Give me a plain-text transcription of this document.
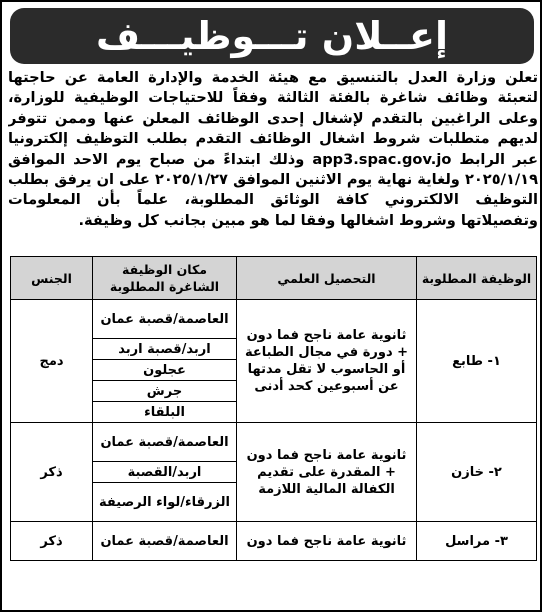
إعــلان تـــوظيـــف

تعلن وزارة العدل بالتنسيق مع هيئة الخدمة والإدارة العامة عن حاجتها لتعبئة وظائف شاغرة بالفئة الثالثة وفقاً للاحتياجات الوظيفية للوزارة، وعلى الراغبين بالتقدم لإشغال إحدى الوظائف المعلن عنها وممن تتوفر لديهم متطلبات شروط اشغال الوظائف التقدم بطلب التوظيف إلكترونيا عبر الرابط app3.spac.gov.jo وذلك ابتداءً من صباح يوم الاحد الموافق ٢٠٢٥/١/١٩ ولغاية نهاية يوم الاثنين الموافق ٢٠٢٥/١/٢٧ على ان يرفق بطلب التوظيف الالكتروني كافة الوثائق المطلوبة، علماً بأن المعلومات وتفصيلاتها وشروط اشغالها وفقا لما هو مبين بجانب كل وظيفة.

الوظيفة المطلوبة	التحصيل العلمي	مكان الوظيفة الشاغرة المطلوبة	الجنس
١- طابع	ثانوية عامة ناجح فما دون + دورة في مجال الطباعة أو الحاسوب لا تقل مدتها عن أسبوعين كحد أدنى	العاصمة/قصبة عمان	دمج
		اربد/قصبة اربد	
		عجلون	
		جرش	
		البلقاء	
٢- خازن	ثانوية عامة ناجح فما دون + المقدرة على تقديم الكفالة المالية اللازمة	العاصمة/قصبة عمان	ذكر
		اربد/القصبة	
		الزرقاء/لواء الرصيفة	
٣- مراسل	ثانوية عامة ناجح فما دون	العاصمة/قصبة عمان	ذكر
